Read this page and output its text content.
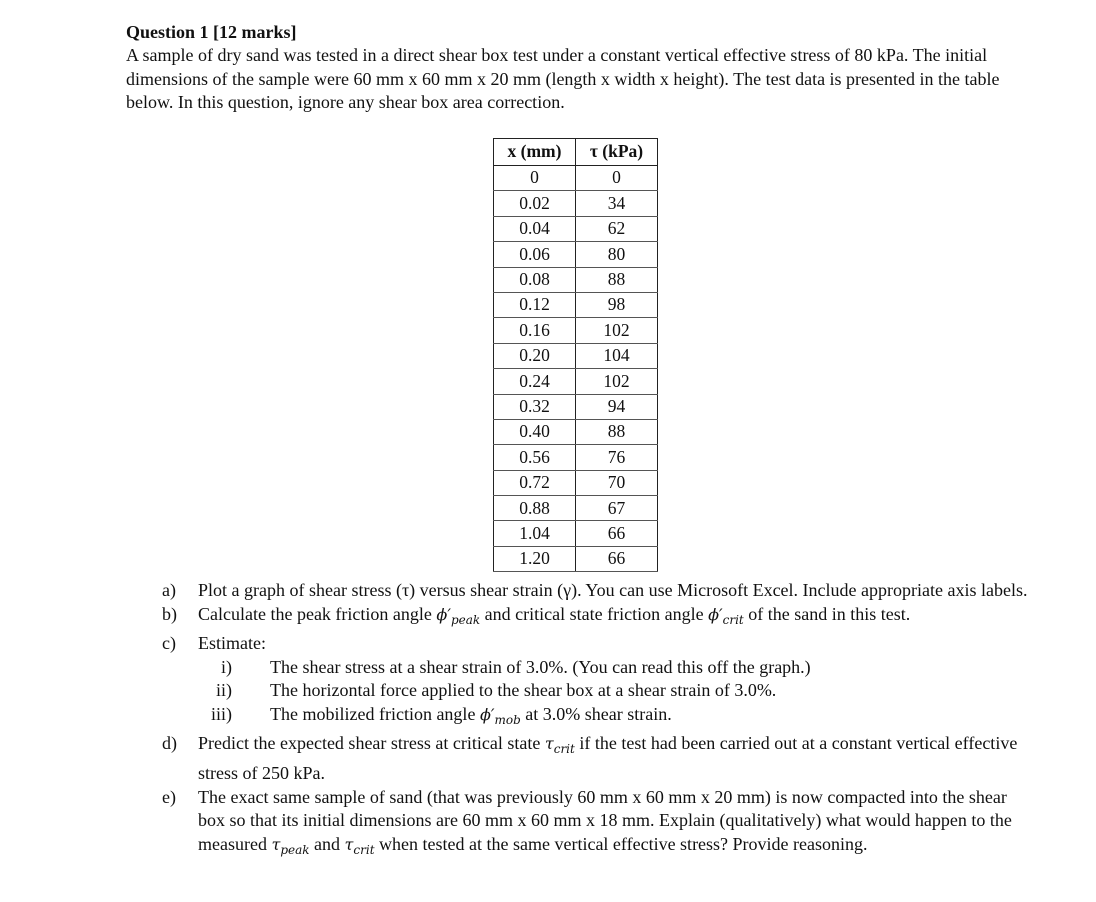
Question 1 [12 marks]

A sample of dry sand was tested in a direct shear box test under a constant vertical effective stress of 80 kPa. The initial dimensions of the sample were 60 mm x 60 mm x 20 mm (length x width x height). The test data is presented in the table below. In this question, ignore any shear box area correction.

x (mm)	τ (kPa)
0	0
0.02	34
0.04	62
0.06	80
0.08	88
0.12	98
0.16	102
0.20	104
0.24	102
0.32	94
0.40	88
0.56	76
0.72	70
0.88	67
1.04	66
1.20	66

a) Plot a graph of shear stress (τ) versus shear strain (γ). You can use Microsoft Excel. Include appropriate axis labels.

b) Calculate the peak friction angle $\phi'_{peak}$ and critical state friction angle $\phi'_{crit}$ of the sand in this test.

c) Estimate:

i) The shear stress at a shear strain of 3.0%. (You can read this off the graph.)

ii) The horizontal force applied to the shear box at a shear strain of 3.0%.

iii) The mobilized friction angle $\phi'_{mob}$ at 3.0% shear strain.

d) Predict the expected shear stress at critical state $\tau_{crit}$ if the test had been carried out at a constant vertical effective stress of 250 kPa.

e) The exact same sample of sand (that was previously 60 mm x 60 mm x 20 mm) is now compacted into the shear box so that its initial dimensions are 60 mm x 60 mm x 18 mm. Explain (qualitatively) what would happen to the measured $\tau_{peak}$ and $\tau_{crit}$ when tested at the same vertical effective stress? Provide reasoning.
